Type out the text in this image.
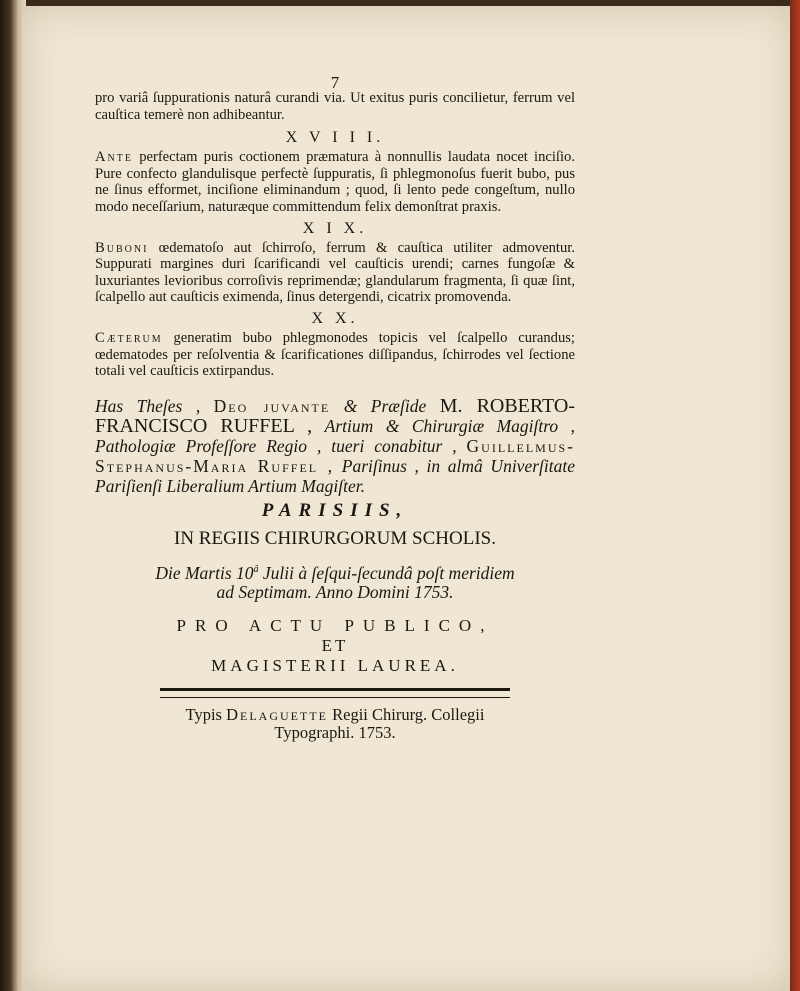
7

pro variâ ſuppurationis naturâ curandi via. Ut exitus puris concilietur, ferrum vel cauſtica temerè non adhibeantur.

X V I I I.

Ante perfectam puris coctionem præmatura à nonnullis laudata nocet inciſio. Pure confecto glandulisque perfectè ſuppuratis, ſi phlegmonoſus fuerit bubo, pus ne ſinus efformet, inciſione eliminandum ; quod, ſi lento pede congeſtum, nullo modo neceſſarium, naturæque committendum felix demonſtrat praxis.

X I X.

Buboni œdematoſo aut ſchirroſo, ferrum & cauſtica utiliter admoventur. Suppurati margines duri ſcarificandi vel cauſticis urendi; carnes fungoſæ & luxuriantes levioribus corroſivis reprimendæ; glandularum fragmenta, ſi quæ ſint, ſcalpello aut cauſticis eximenda, ſinus detergendi, cicatrix promovenda.

X X.

Cæterum generatim bubo phlegmonodes topicis vel ſcalpello curandus; œdematodes per reſolventia & ſcarificationes diſſipandus, ſchirrodes vel ſectione totali vel cauſticis extirpandus.

Has Theſes , Deo juvante & Præſide M. ROBERTO-FRANCISCO RUFFEL , Artium & Chirurgiæ Magiſtro , Pathologiæ Profeſſore Regio , tueri conabitur , Guillelmus-Stephanus-Maria Ruffel , Pariſinus , in almâ Univerſitate Pariſienſi Liberalium Artium Magiſter.
PARISIIS,
IN REGIIS CHIRURGORUM SCHOLIS.
Die Martis $10^â$ Julii à ſeſqui-ſecundâ poſt meridiem
ad Septimam. Anno Domini 1753.
PRO ACTU PUBLICO,
ET
MAGISTERII LAUREA.
Typis Delaguette Regii Chirurg. Collegii
Typographi. 1753.
